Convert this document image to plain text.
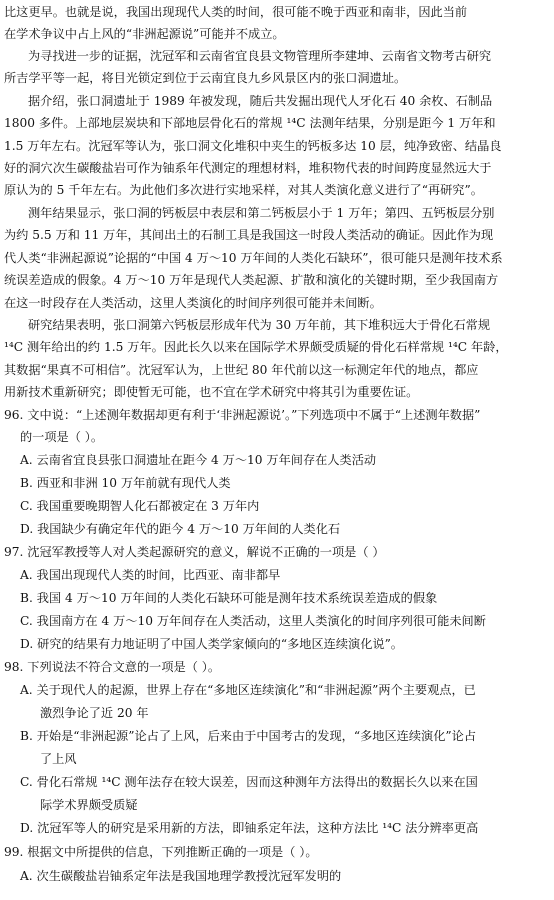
比这更早。也就是说，我国出现现代人类的时间，很可能不晚于西亚和南非，因此当前
在学术争议中占上风的“非洲起源说”可能并不成立。
为寻找进一步的证据，沈冠军和云南省宜良县文物管理所李建坤、云南省文物考古研究
所吉学平等一起，将目光锁定到位于云南宜良九乡风景区内的张口洞遗址。
据介绍，张口洞遗址于 1989 年被发现，随后共发掘出现代人牙化石 40 余枚、石制品
1800 多件。上部地层炭块和下部地层骨化石的常规 ¹⁴C 法测年结果，分别是距今 1 万年和
1.5 万年左右。沈冠军等认为，张口洞文化堆积中夹生的钙板多达 10 层，纯净致密、结晶良
好的洞穴次生碳酸盐岩可作为铀系年代测定的理想材料，堆积物代表的时间跨度显然远大于
原认为的 5 千年左右。为此他们多次进行实地采样，对其人类演化意义进行了“再研究”。
测年结果显示，张口洞的钙板层中表层和第二钙板层小于 1 万年；第四、五钙板层分别
为约 5.5 万和 11 万年，其间出土的石制工具是我国这一时段人类活动的确证。因此作为现
代人类“非洲起源说”论据的“中国 4 万～10 万年间的人类化石缺环”，很可能只是测年技术系
统误差造成的假象。4 万～10 万年是现代人类起源、扩散和演化的关键时期，至少我国南方
在这一时段存在人类活动，这里人类演化的时间序列很可能并未间断。
研究结果表明，张口洞第六钙板层形成年代为 30 万年前，其下堆积远大于骨化石常规
¹⁴C 测年给出的约 1.5 万年。因此长久以来在国际学术界颇受质疑的骨化石样常规 ¹⁴C 年龄，
其数据“果真不可相信”。沈冠军认为，上世纪 80 年代前以这一标测定年代的地点，都应
用新技术重新研究；即使暂无可能，也不宜在学术研究中将其引为重要佐证。
96. 文中说：“上述测年数据却更有利于‘非洲起源说’。”下列选项中不属于“上述测年数据”
的一项是（ ）。
A. 云南省宜良县张口洞遗址在距今 4 万～10 万年间存在人类活动
B. 西亚和非洲 10 万年前就有现代人类
C. 我国重要晚期智人化石都被定在 3 万年内
D. 我国缺少有确定年代的距今 4 万～10 万年间的人类化石
97. 沈冠军教授等人对人类起源研究的意义，解说不正确的一项是（ ）
A. 我国出现现代人类的时间，比西亚、南非都早
B. 我国 4 万～10 万年间的人类化石缺环可能是测年技术系统误差造成的假象
C. 我国南方在 4 万～10 万年间存在人类活动，这里人类演化的时间序列很可能未间断
D. 研究的结果有力地证明了中国人类学家倾向的“多地区连续演化说”。
98. 下列说法不符合文意的一项是（ ）。
A. 关于现代人的起源，世界上存在“多地区连续演化”和“非洲起源”两个主要观点，已
激烈争论了近 20 年
B. 开始是“非洲起源”论占了上风，后来由于中国考古的发现，“多地区连续演化”论占
了上风
C. 骨化石常规 ¹⁴C 测年法存在较大误差，因而这种测年方法得出的数据长久以来在国
际学术界颇受质疑
D. 沈冠军等人的研究是采用新的方法，即铀系定年法，这种方法比 ¹⁴C 法分辨率更高
99. 根据文中所提供的信息，下列推断正确的一项是（ ）。
A. 次生碳酸盐岩铀系定年法是我国地理学教授沈冠军发明的
